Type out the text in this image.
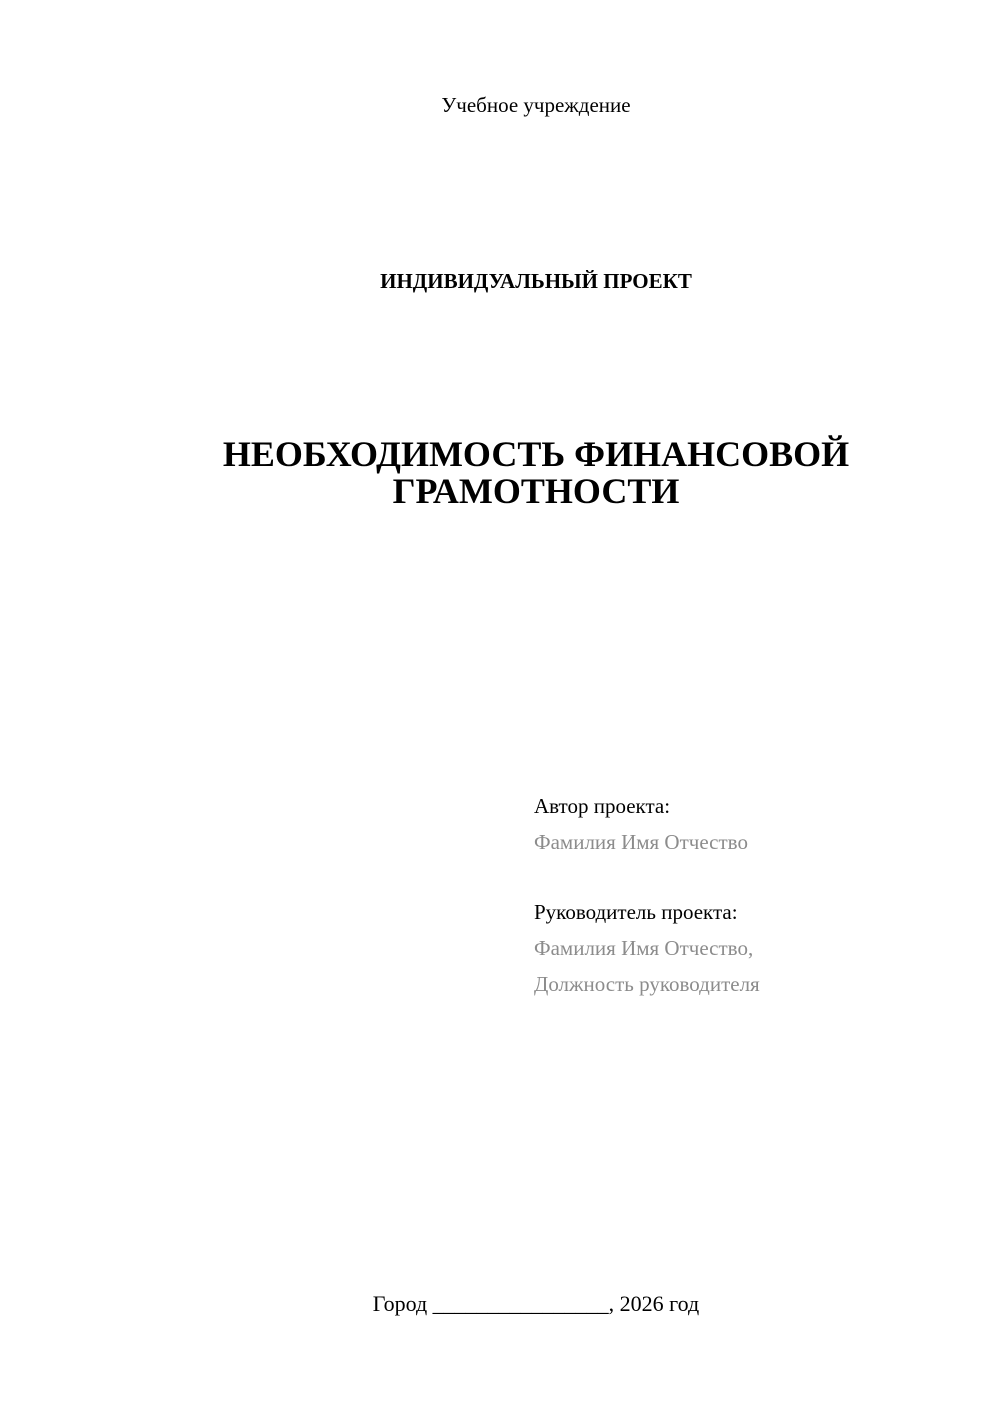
Учебное учреждение
ИНДИВИДУАЛЬНЫЙ ПРОЕКТ
НЕОБХОДИМОСТЬ ФИНАНСОВОЙ
ГРАМОТНОСТИ
Автор проекта:
Фамилия Имя Отчество
Руководитель проекта:
Фамилия Имя Отчество,
Должность руководителя
Город ________________, 2026 год
